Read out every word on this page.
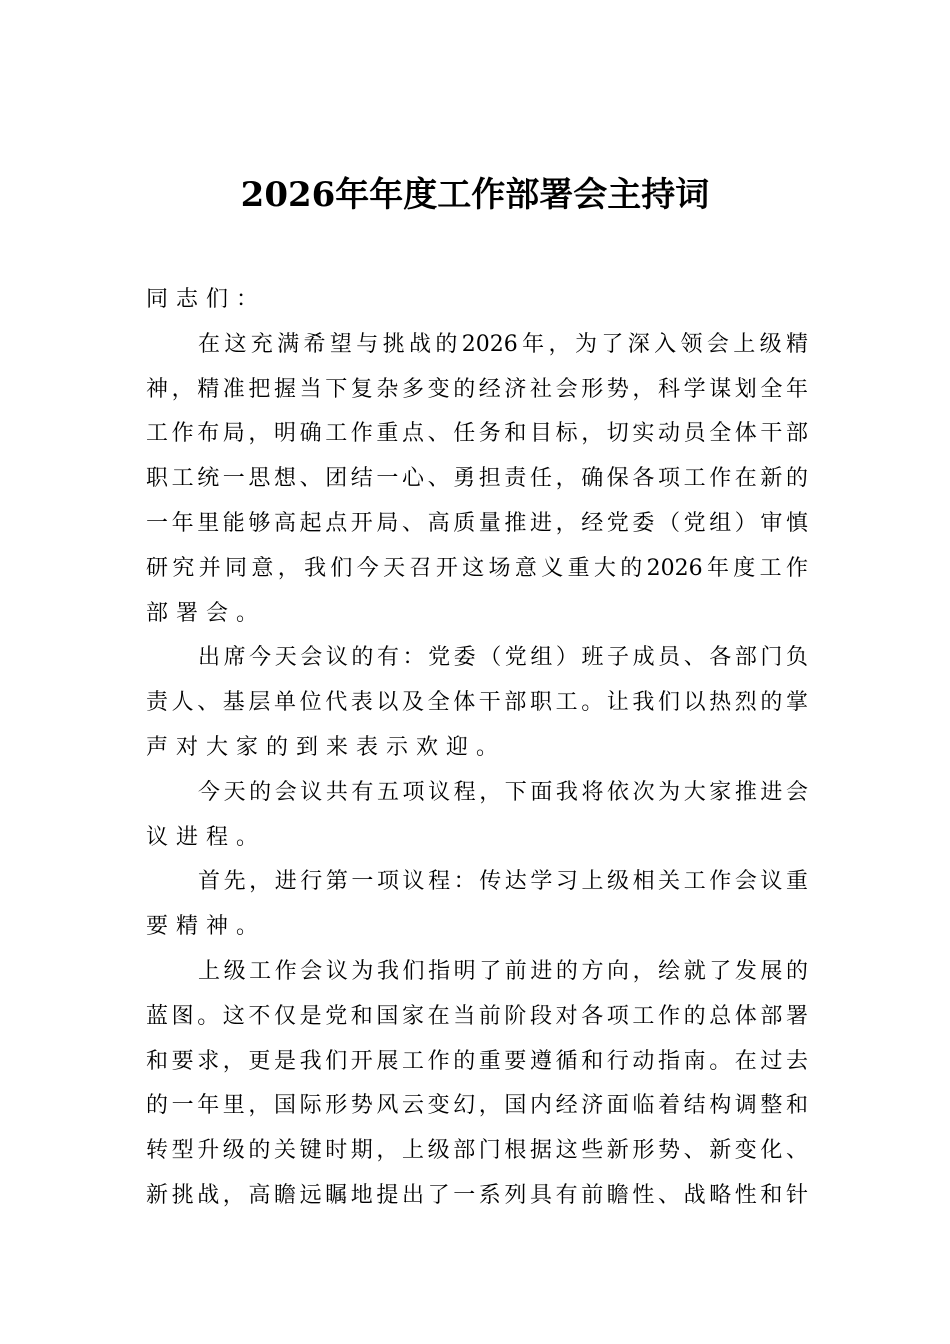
2026年年度工作部署会主持词
同志们：
在这充满希望与挑战的2026年，为了深入领会上级精
神，精准把握当下复杂多变的经济社会形势，科学谋划全年
工作布局，明确工作重点、任务和目标，切实动员全体干部
职工统一思想、团结一心、勇担责任，确保各项工作在新的
一年里能够高起点开局、高质量推进，经党委（党组）审慎
研究并同意，我们今天召开这场意义重大的2026年度工作
部署会。
出席今天会议的有：党委（党组）班子成员、各部门负
责人、基层单位代表以及全体干部职工。让我们以热烈的掌
声对大家的到来表示欢迎。
今天的会议共有五项议程，下面我将依次为大家推进会
议进程。
首先，进行第一项议程：传达学习上级相关工作会议重
要精神。
上级工作会议为我们指明了前进的方向，绘就了发展的
蓝图。这不仅是党和国家在当前阶段对各项工作的总体部署
和要求，更是我们开展工作的重要遵循和行动指南。在过去
的一年里，国际形势风云变幻，国内经济面临着结构调整和
转型升级的关键时期，上级部门根据这些新形势、新变化、
新挑战，高瞻远瞩地提出了一系列具有前瞻性、战略性和针
